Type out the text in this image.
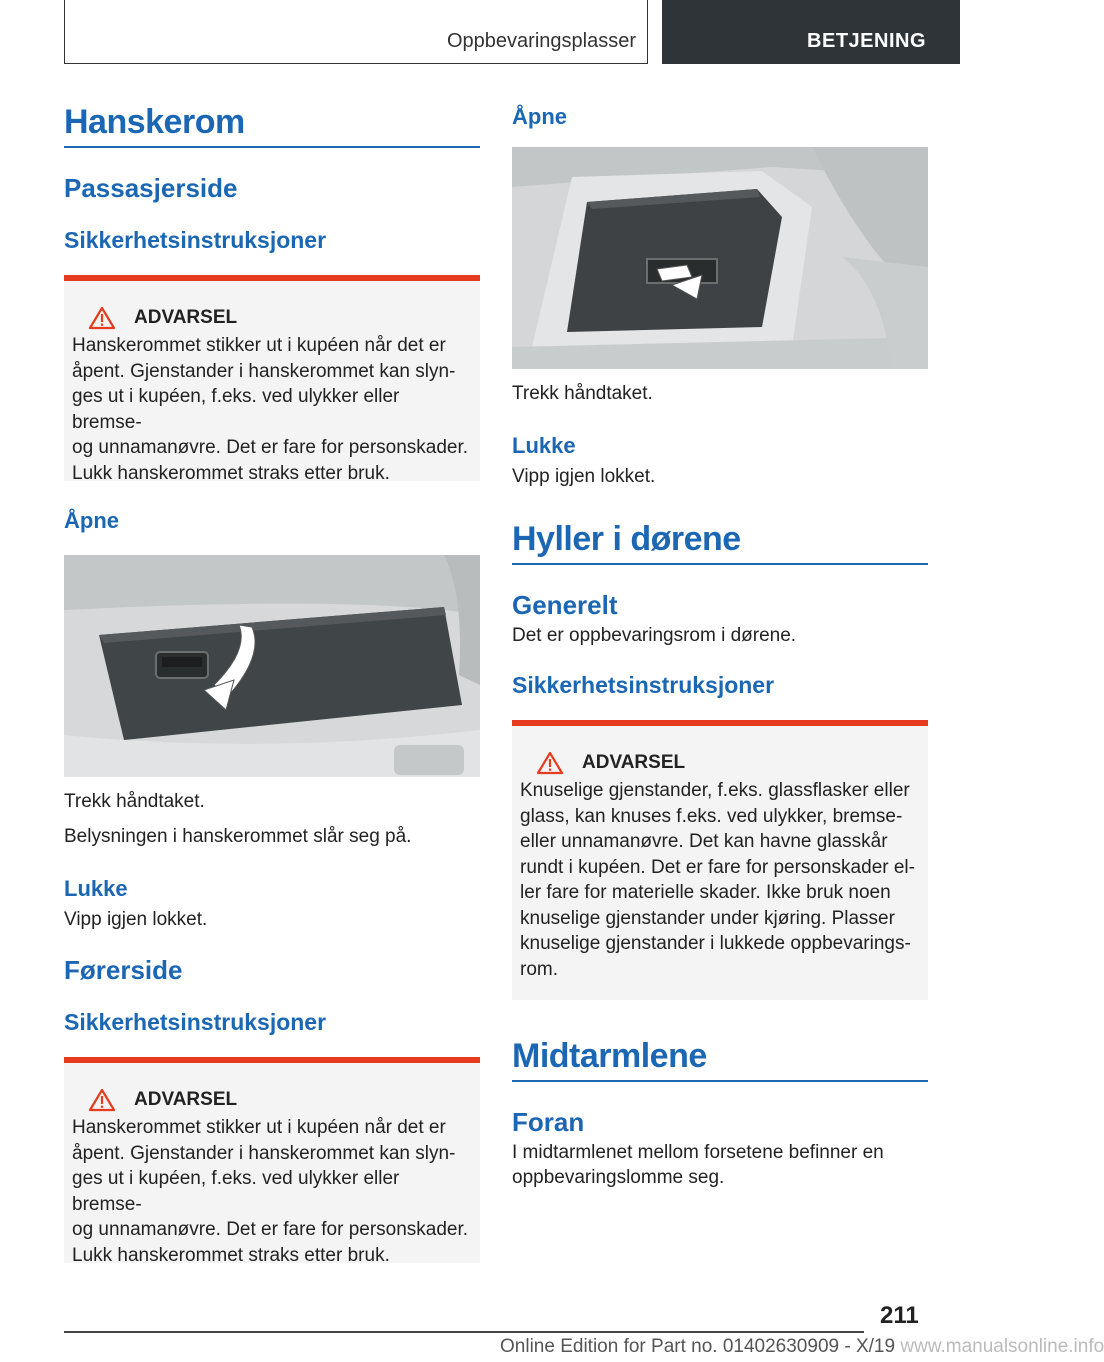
Oppbevaringsplasser	BETJENING
Hanskerom
Passasjerside
Sikkerhetsinstruksjoner
ADVARSEL
Hanskerommet stikker ut i kupéen når det er
åpent. Gjenstander i hanskerommet kan slyn-
ges ut i kupéen, f.eks. ved ulykker eller bremse-
og unnamanøvre. Det er fare for personskader.
Lukk hanskerommet straks etter bruk.
Åpne
Trekk håndtaket.
Belysningen i hanskerommet slår seg på.
Lukke
Vipp igjen lokket.
Førerside
Sikkerhetsinstruksjoner
ADVARSEL
Hanskerommet stikker ut i kupéen når det er
åpent. Gjenstander i hanskerommet kan slyn-
ges ut i kupéen, f.eks. ved ulykker eller bremse-
og unnamanøvre. Det er fare for personskader.
Lukk hanskerommet straks etter bruk.
Åpne
Trekk håndtaket.
Lukke
Vipp igjen lokket.
Hyller i dørene
Generelt
Det er oppbevaringsrom i dørene.
Sikkerhetsinstruksjoner
ADVARSEL
Knuselige gjenstander, f.eks. glassflasker eller
glass, kan knuses f.eks. ved ulykker, bremse-
eller unnamanøvre. Det kan havne glasskår
rundt i kupéen. Det er fare for personskader el-
ler fare for materielle skader. Ikke bruk noen
knuselige gjenstander under kjøring. Plasser
knuselige gjenstander i lukkede oppbevarings-
rom.
Midtarmlene
Foran
I midtarmlenet mellom forsetene befinner en
oppbevaringslomme seg.
211
Online Edition for Part no. 01402630909 - X/19 www.manualsonline.info
